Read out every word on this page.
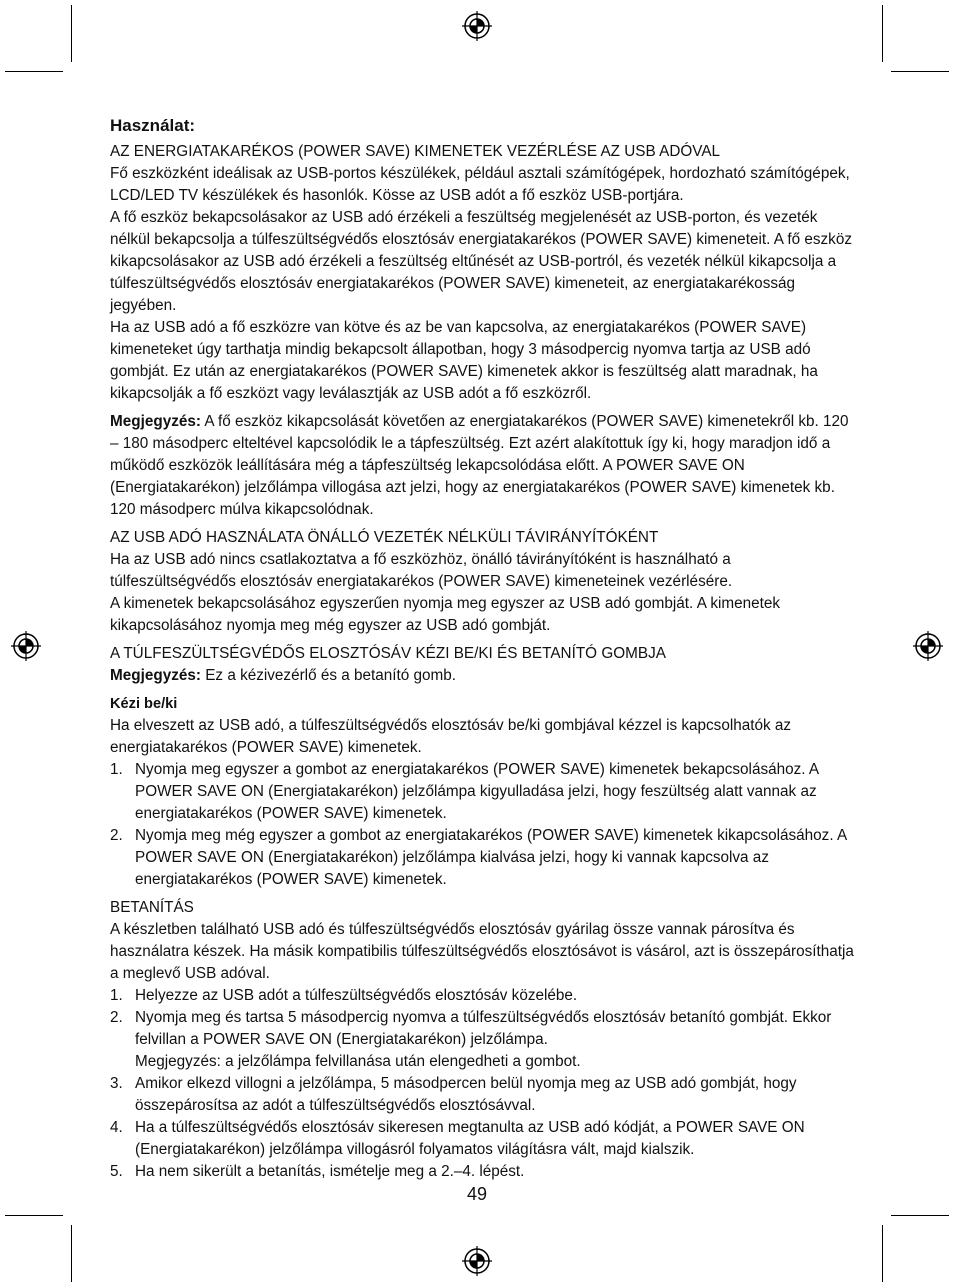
Használat:

AZ ENERGIATAKARÉKOS (POWER SAVE) KIMENETEK VEZÉRLÉSE AZ USB ADÓVAL

Fő eszközként ideálisak az USB-portos készülékek, például asztali számítógépek, hordozható számítógépek, LCD/LED TV készülékek és hasonlók. Kösse az USB adót a fő eszköz USB-portjára.

A fő eszköz bekapcsolásakor az USB adó érzékeli a feszültség megjelenését az USB-porton, és vezeték nélkül bekapcsolja a túlfeszültségvédős elosztósáv energiatakarékos (POWER SAVE) kimeneteit. A fő eszköz kikapcsolásakor az USB adó érzékeli a feszültség eltűnését az USB-portról, és vezeték nélkül kikapcsolja a túlfeszültségvédős elosztósáv energiatakarékos (POWER SAVE) kimeneteit, az energiatakarékosság jegyében.

Ha az USB adó a fő eszközre van kötve és az be van kapcsolva, az energiatakarékos (POWER SAVE) kimeneteket úgy tarthatja mindig bekapcsolt állapotban, hogy 3 másodpercig nyomva tartja az USB adó gombját. Ez után az energiatakarékos (POWER SAVE) kimenetek akkor is feszültség alatt maradnak, ha kikapcsolják a fő eszközt vagy leválasztják az USB adót a fő eszközről.

Megjegyzés: A fő eszköz kikapcsolását követően az energiatakarékos (POWER SAVE) kimenetekről kb. 120 – 180 másodperc elteltével kapcsolódik le a tápfeszültség. Ezt azért alakítottuk így ki, hogy maradjon idő a működő eszközök leállítására még a tápfeszültség lekapcsolódása előtt. A POWER SAVE ON (Energiatakarékon) jelzőlámpa villogása azt jelzi, hogy az energiatakarékos (POWER SAVE) kimenetek kb. 120 másodperc múlva kikapcsolódnak.

AZ USB ADÓ HASZNÁLATA ÖNÁLLÓ VEZETÉK NÉLKÜLI TÁVIRÁNYÍTÓKÉNT

Ha az USB adó nincs csatlakoztatva a fő eszközhöz, önálló távirányítóként is használható a túlfeszültségvédős elosztósáv energiatakarékos (POWER SAVE) kimeneteinek vezérlésére.

A kimenetek bekapcsolásához egyszerűen nyomja meg egyszer az USB adó gombját. A kimenetek kikapcsolásához nyomja meg még egyszer az USB adó gombját.

A TÚLFESZÜLTSÉGVÉDŐS ELOSZTÓSÁV KÉZI BE/KI ÉS BETANÍTÓ GOMBJA

Megjegyzés: Ez a kézivezérlő és a betanító gomb.

Kézi be/ki

Ha elveszett az USB adó, a túlfeszültségvédős elosztósáv be/ki gombjával kézzel is kapcsolhatók az energiatakarékos (POWER SAVE) kimenetek.

1. Nyomja meg egyszer a gombot az energiatakarékos (POWER SAVE) kimenetek bekapcsolásához. A POWER SAVE ON (Energiatakarékon) jelzőlámpa kigyulladása jelzi, hogy feszültség alatt vannak az energiatakarékos (POWER SAVE) kimenetek.
2. Nyomja meg még egyszer a gombot az energiatakarékos (POWER SAVE) kimenetek kikapcsolásához. A POWER SAVE ON (Energiatakarékon) jelzőlámpa kialvása jelzi, hogy ki vannak kapcsolva az energiatakarékos (POWER SAVE) kimenetek.

BETANÍTÁS

A készletben található USB adó és túlfeszültségvédős elosztósáv gyárilag össze vannak párosítva és használatra készek. Ha másik kompatibilis túlfeszültségvédős elosztósávot is vásárol, azt is összepárosíthatja a meglevő USB adóval.

1. Helyezze az USB adót a túlfeszültségvédős elosztósáv közelébe.
2. Nyomja meg és tartsa 5 másodpercig nyomva a túlfeszültségvédős elosztósáv betanító gombját. Ekkor felvillan a POWER SAVE ON (Energiatakarékon) jelzőlámpa.
Megjegyzés: a jelzőlámpa felvillanása után elengedheti a gombot.
3. Amikor elkezd villogni a jelzőlámpa, 5 másodpercen belül nyomja meg az USB adó gombját, hogy összepárosítsa az adót a túlfeszültségvédős elosztósávval.
4. Ha a túlfeszültségvédős elosztósáv sikeresen megtanulta az USB adó kódját, a POWER SAVE ON (Energiatakarékon) jelzőlámpa villogásról folyamatos világításra vált, majd kialszik.
5. Ha nem sikerült a betanítás, ismételje meg a 2.–4. lépést.
49
